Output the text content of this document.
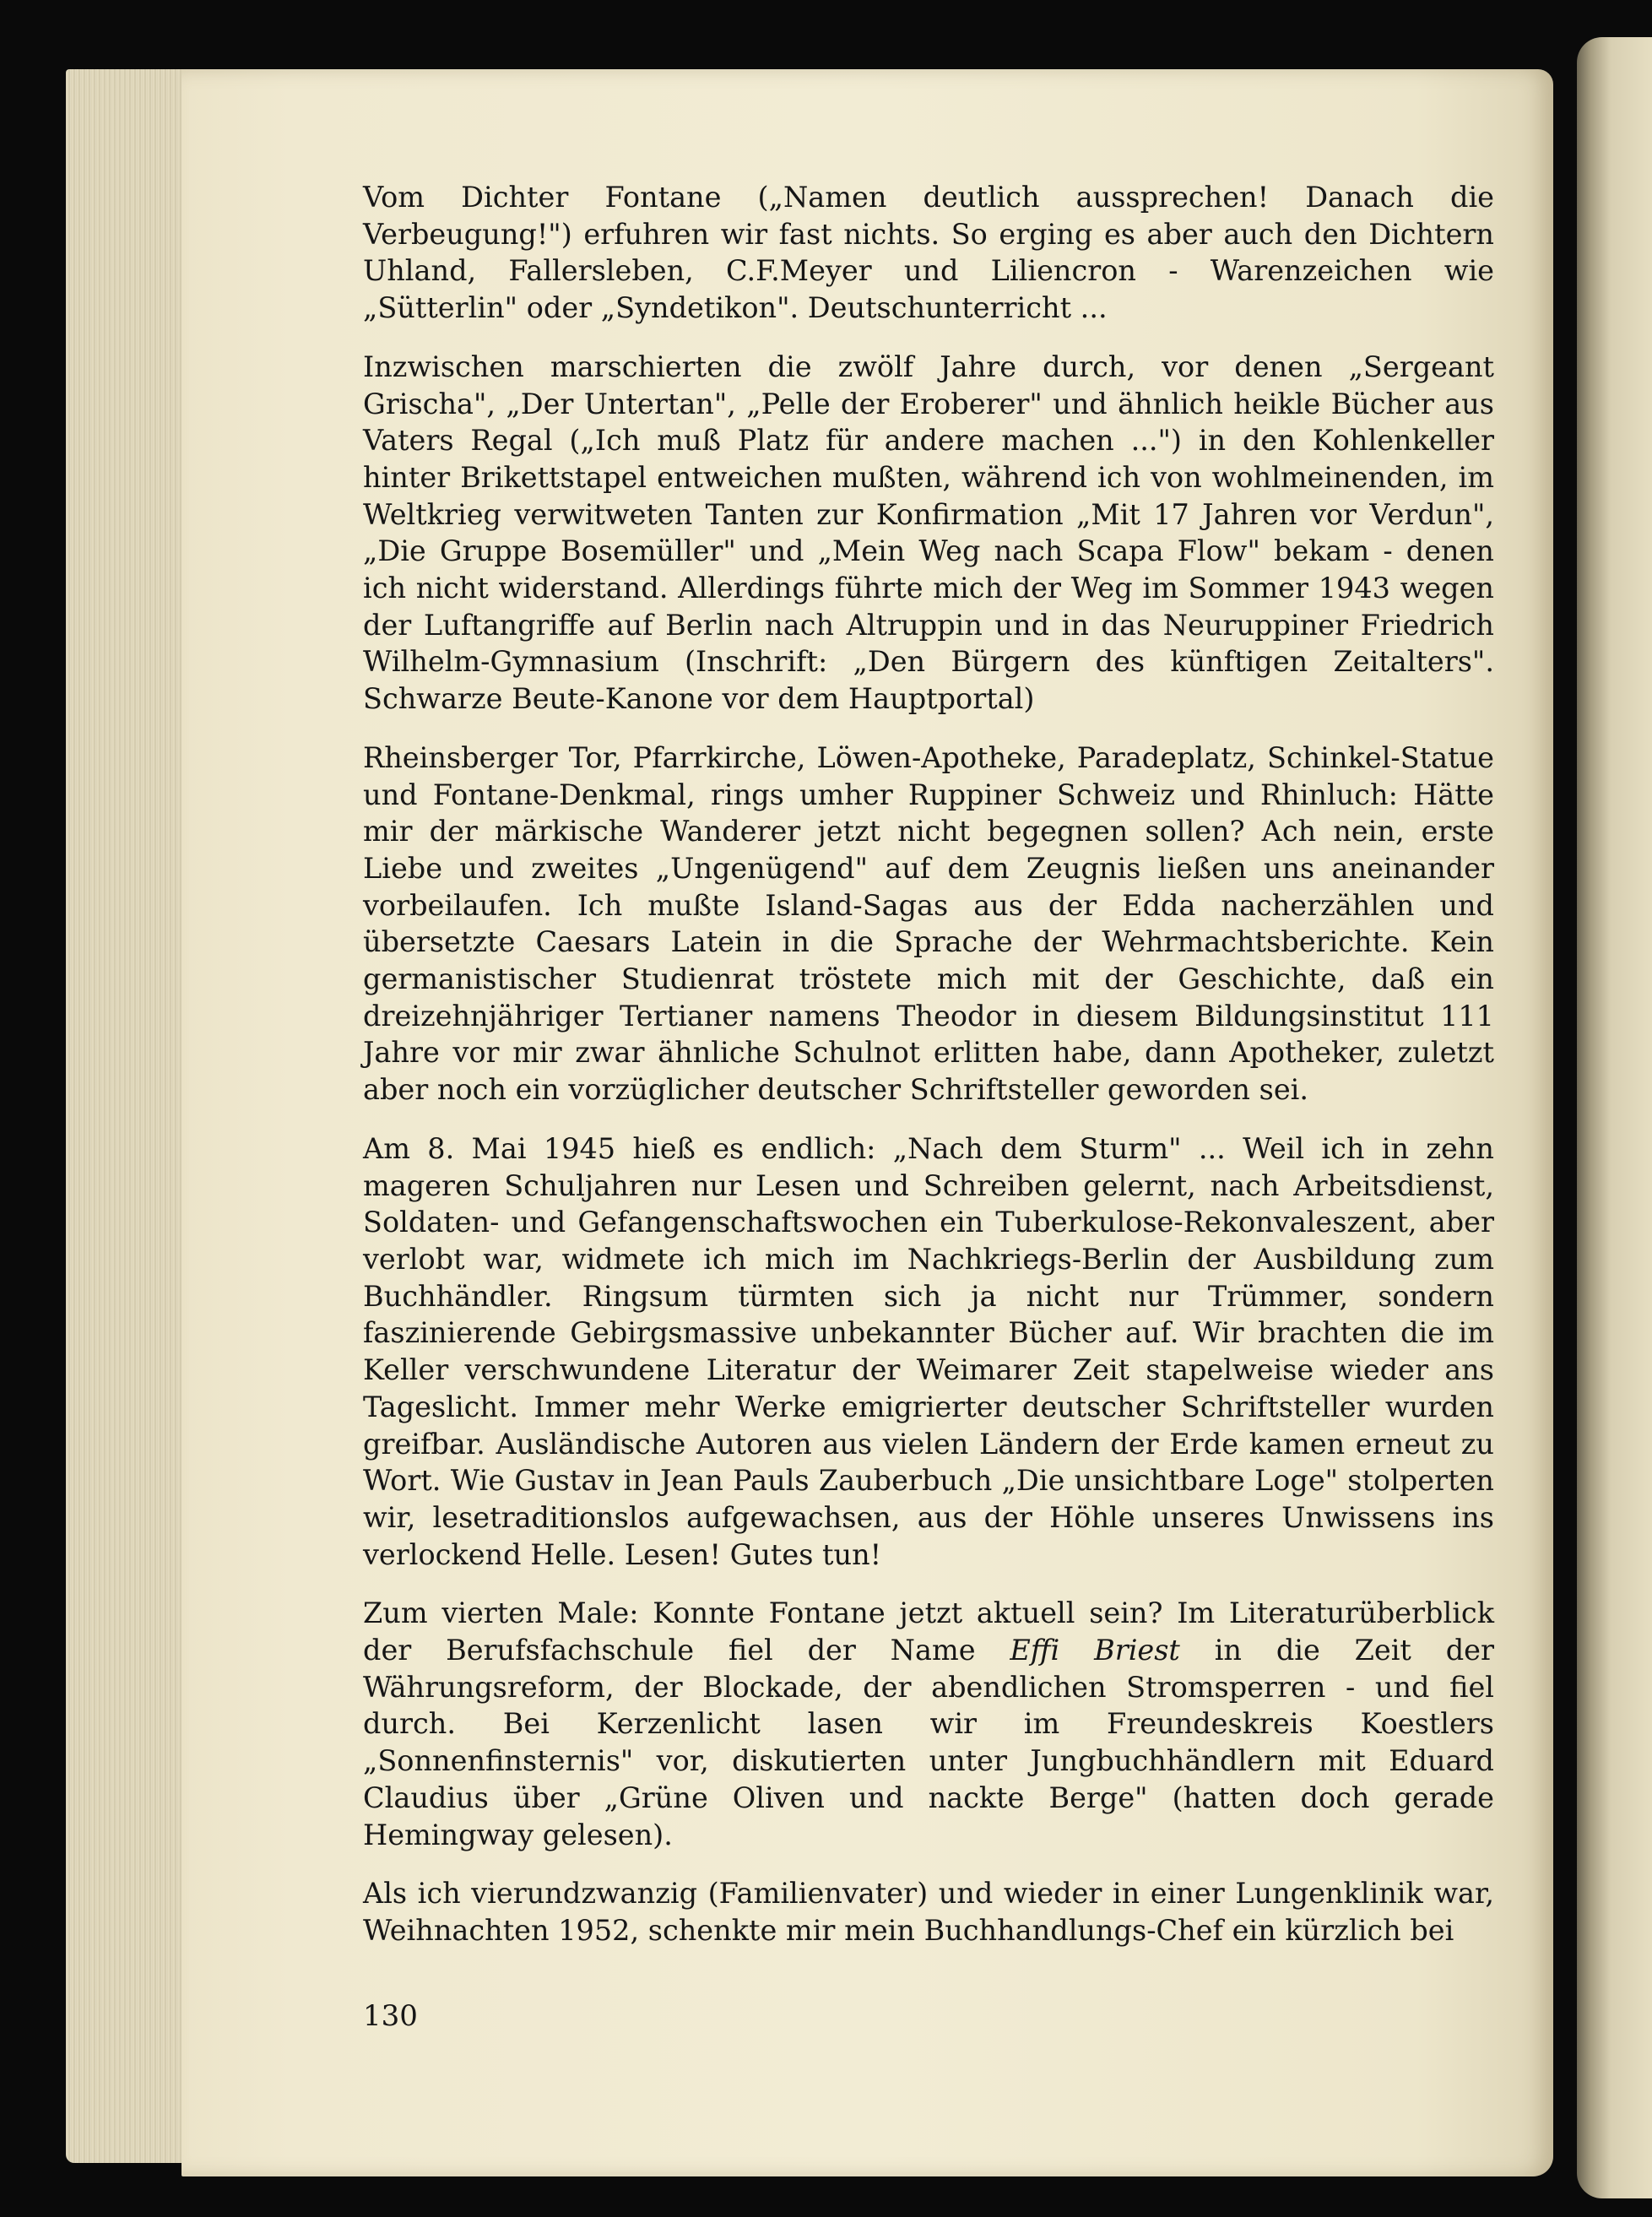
Vom Dichter Fontane („Namen deutlich aussprechen! Danach die Verbeugung!") erfuhren wir fast nichts. So erging es aber auch den Dichtern Uhland, Fallersleben, C.F.Meyer und Liliencron - Warenzeichen wie „Sütterlin" oder „Syndetikon". Deutschunterricht ...

Inzwischen marschierten die zwölf Jahre durch, vor denen „Sergeant Grischa", „Der Untertan", „Pelle der Eroberer" und ähnlich heikle Bücher aus Vaters Regal („Ich muß Platz für andere machen ...") in den Kohlenkeller hinter Brikettstapel entweichen mußten, während ich von wohlmeinenden, im Weltkrieg verwitweten Tanten zur Konfirmation „Mit 17 Jahren vor Verdun", „Die Gruppe Bosemüller" und „Mein Weg nach Scapa Flow" bekam - denen ich nicht widerstand. Allerdings führte mich der Weg im Sommer 1943 wegen der Luftangriffe auf Berlin nach Altruppin und in das Neuruppiner Friedrich Wilhelm-Gymnasium (Inschrift: „Den Bürgern des künftigen Zeitalters". Schwarze Beute-Kanone vor dem Hauptportal)

Rheinsberger Tor, Pfarrkirche, Löwen-Apotheke, Paradeplatz, Schinkel-Statue und Fontane-Denkmal, rings umher Ruppiner Schweiz und Rhinluch: Hätte mir der märkische Wanderer jetzt nicht begegnen sollen? Ach nein, erste Liebe und zweites „Ungenügend" auf dem Zeugnis ließen uns aneinander vorbeilaufen. Ich mußte Island-Sagas aus der Edda nacherzählen und übersetzte Caesars Latein in die Sprache der Wehrmachtsberichte. Kein germanistischer Studienrat tröstete mich mit der Geschichte, daß ein dreizehnjähriger Tertianer namens Theodor in diesem Bildungsinstitut 111 Jahre vor mir zwar ähnliche Schulnot erlitten habe, dann Apotheker, zuletzt aber noch ein vorzüglicher deutscher Schriftsteller geworden sei.

Am 8. Mai 1945 hieß es endlich: „Nach dem Sturm" ... Weil ich in zehn mageren Schuljahren nur Lesen und Schreiben gelernt, nach Arbeitsdienst, Soldaten- und Gefangenschaftswochen ein Tuberkulose-Rekonvaleszent, aber verlobt war, widmete ich mich im Nachkriegs-Berlin der Ausbildung zum Buchhändler. Ringsum türmten sich ja nicht nur Trümmer, sondern faszinierende Gebirgsmassive unbekannter Bücher auf. Wir brachten die im Keller verschwundene Literatur der Weimarer Zeit stapelweise wieder ans Tageslicht. Immer mehr Werke emigrierter deutscher Schriftsteller wurden greifbar. Ausländische Autoren aus vielen Ländern der Erde kamen erneut zu Wort. Wie Gustav in Jean Pauls Zauberbuch „Die unsichtbare Loge" stolperten wir, lesetraditionslos aufgewachsen, aus der Höhle unseres Unwissens ins verlockend Helle. Lesen! Gutes tun!

Zum vierten Male: Konnte Fontane jetzt aktuell sein? Im Literaturüberblick der Berufsfachschule fiel der Name Effi Briest in die Zeit der Währungsreform, der Blockade, der abendlichen Stromsperren - und fiel durch. Bei Kerzenlicht lasen wir im Freundeskreis Koestlers „Sonnenfinsternis" vor, diskutierten unter Jungbuchhändlern mit Eduard Claudius über „Grüne Oliven und nackte Berge" (hatten doch gerade Hemingway gelesen).

Als ich vierundzwanzig (Familienvater) und wieder in einer Lungenklinik war, Weihnachten 1952, schenkte mir mein Buchhandlungs-Chef ein kürzlich bei

130
